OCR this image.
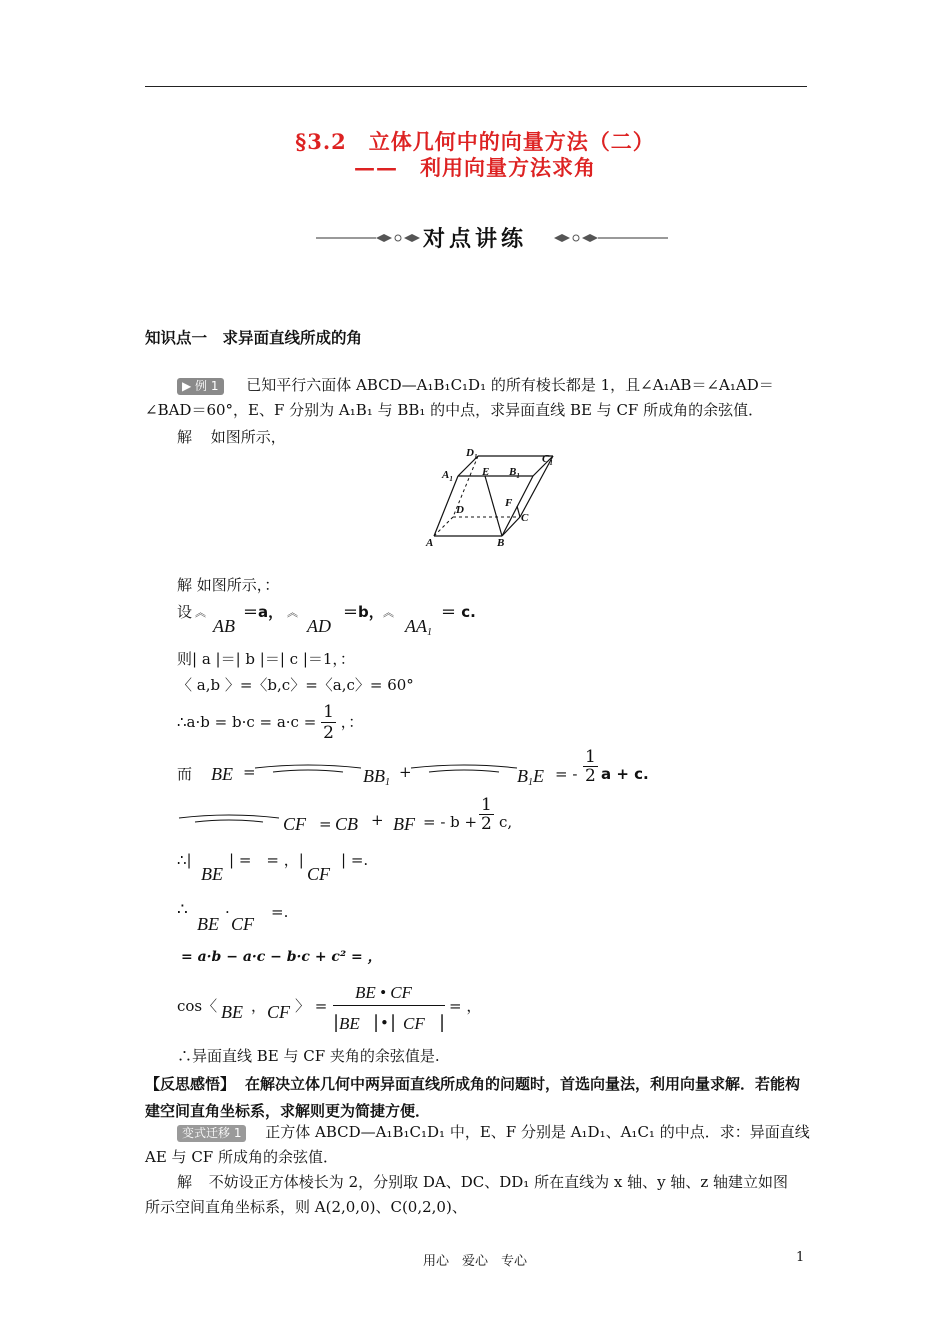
§3.2　立体几何中的向量方法（二）
——　利用向量方法求角
对点讲练
知识点一　求异面直线所成的角
▶ 例 1 已知平行六面体 ABCD—A₁B₁C₁D₁ 的所有棱长都是 1，且∠A₁AB＝∠A₁AD＝
∠BAD＝60°，E、F 分别为 A₁B₁ 与 BB₁ 的中点，求异面直线 BE 与 CF 所成角的余弦值．
解 如图所示，
$D_1$	$C_1$
$A_1$
E $B_1$
F
D
C
A	B
解 如图所示，：
设 ︽
AB
＝a， ︽
AD
＝b， ︽
$AA_1$
＝ c.
则| a |＝| b |＝| c |＝1，：
〈 a,b 〉=〈b,c〉=〈a,c〉= 60°
∴a·b = $b\cdot c = a\cdot c = \frac{1}{2}$ ，：
而 BE =	$BB_1$
+	$B_1E$ = - $\frac{1}{2}$ a + c.
CF = CB + BF = - $b + \frac{1}{2} c$,
∴|
BE
| =　= ，|
CF
| =.
∴
BE
·
CF
=.
= a·b − a·c − b·c + c² = ，
cos〈 BE ， CF 〉 =
BE • CF
| BE | • | CF |
= ，
∴异面直线 BE 与 CF 夹角的余弦值是.
【反思感悟】 在解决立体几何中两异面直线所成角的问题时，首选向量法，利用向量求解．若能构建空间直角坐标系，求解则更为简捷方便．
变式迁移 1 正方体 ABCD—A₁B₁C₁D₁ 中，E、F 分别是 A₁D₁、A₁C₁ 的中点．求：异面直线
AE 与 CF 所成角的余弦值．
解 不妨设正方体棱长为 2，分别取 DA、DC、DD₁ 所在直线为 x 轴、y 轴、z 轴建立如图
所示空间直角坐标系，则 A(2,0,0)、C(0,2,0)、
用心　爱心　专心	1
